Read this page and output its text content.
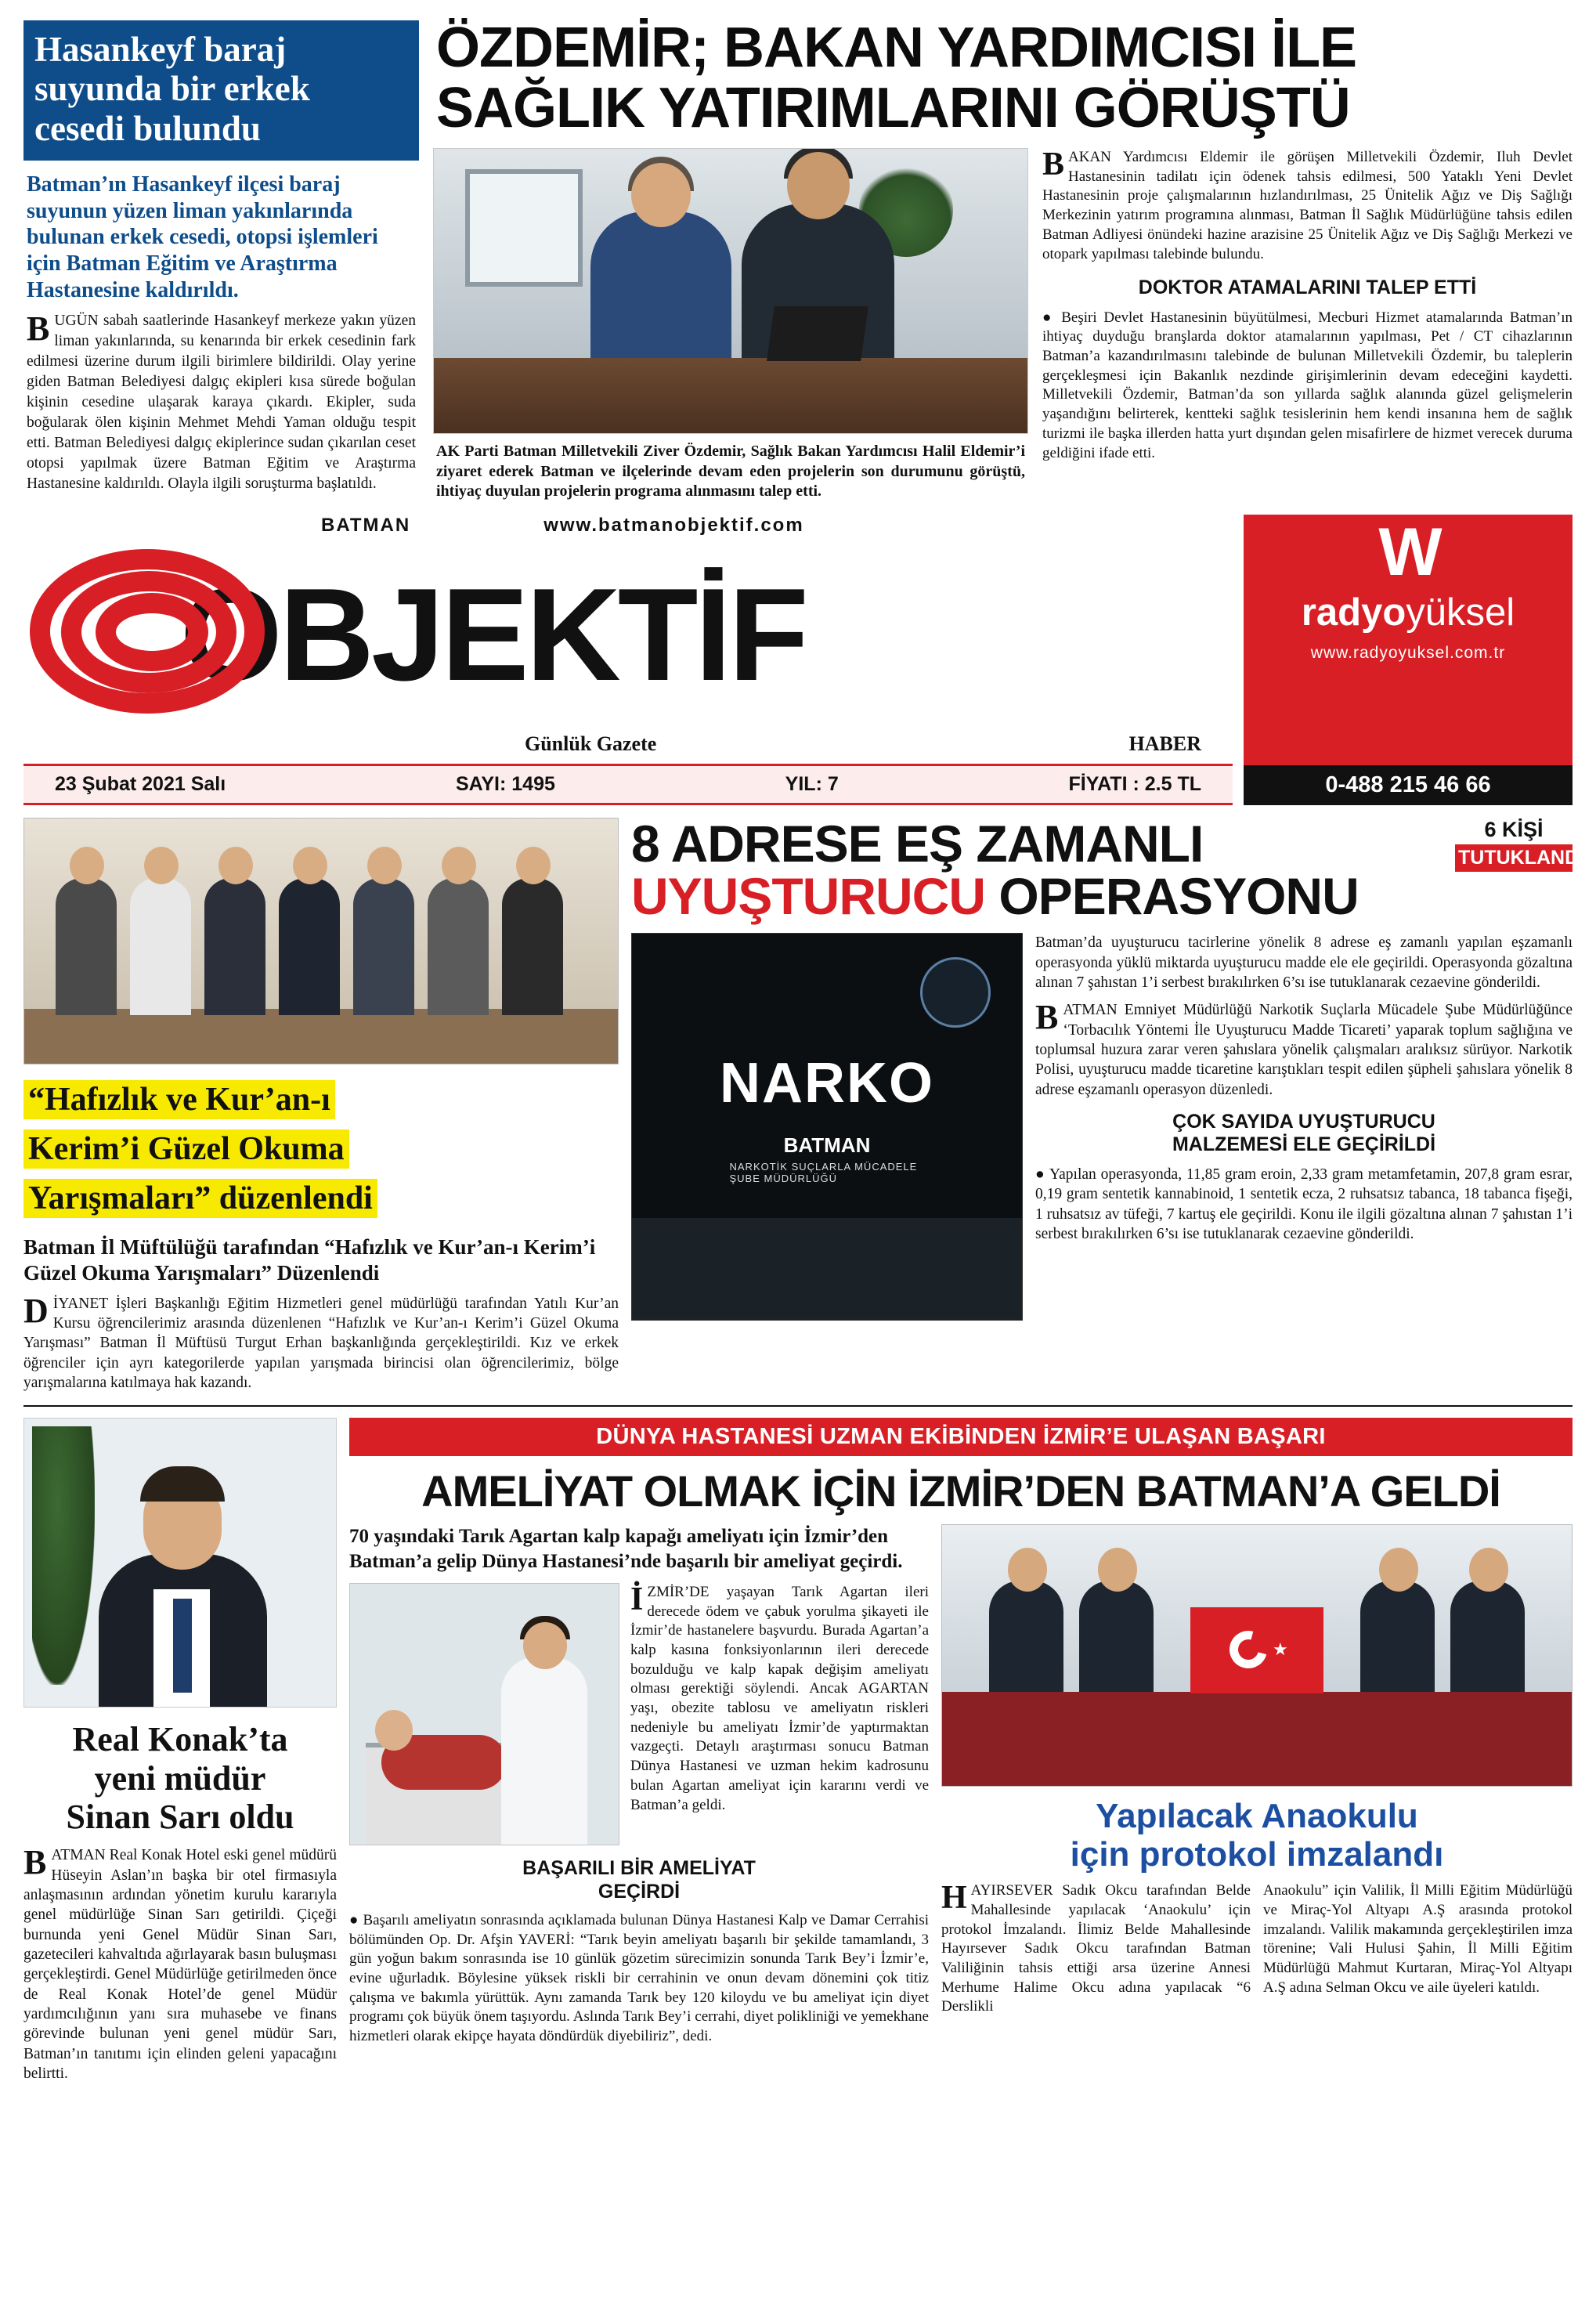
Hasankeyf baraj suyunda bir erkek cesedi bulundu
Batman’ın Hasankeyf ilçesi baraj suyunun yüzen liman yakınlarında bulunan erkek cesedi, otopsi işlemleri için Batman Eğitim ve Araştırma Hastanesine kaldırıldı.
BUGÜN sabah saatlerinde Hasankeyf merkeze yakın yüzen liman yakınlarında, su kenarında bir erkek cesedinin fark edilmesi üzerine durum ilgili birimlere bildirildi. Olay yerine giden Batman Belediyesi dalgıç ekipleri kısa sürede boğulan kişinin cesedine ulaşarak karaya çıkardı. Ekipler, suda boğularak ölen kişinin Mehmet Mehdi Yaman olduğu tespit etti. Batman Belediyesi dalgıç ekiplerince sudan çıkarılan ceset otopsi yapılmak üzere Batman Eğitim ve Araştırma Hastanesine kaldırıldı. Olayla ilgili soruşturma başlatıldı.
ÖZDEMİR; BAKAN YARDIMCISI İLE
SAĞLIK YATIRIMLARINI GÖRÜŞTÜ
AK Parti Batman Milletvekili Ziver Özdemir, Sağlık Bakan Yardımcısı Halil Eldemir’i ziyaret ederek Batman ve ilçelerinde devam eden projelerin son durumunu görüştü, ihtiyaç duyulan projelerin programa alınmasını talep etti.
BAKAN Yardımcısı Eldemir ile görüşen Milletvekili Özdemir, Iluh Devlet Hastanesinin tadilatı için ödenek tahsis edilmesi, 500 Yataklı Yeni Devlet Hastanesinin proje çalışmalarının hızlandırılması, 25 Ünitelik Ağız ve Diş Sağlığı Merkezinin yatırım programına alınması, Batman İl Sağlık Müdürlüğüne tahsis edilen Batman Adliyesi önündeki hazine arazisine 25 Ünitelik Ağız ve Diş Sağlığı Merkezi ve otopark yapılması talebinde bulundu.
DOKTOR ATAMALARINI TALEP ETTİ
● Beşiri Devlet Hastanesinin büyütülmesi, Mecburi Hizmet atamalarında Batman’ın ihtiyaç duyduğu branşlarda doktor atamalarının yapılması, Pet / CT cihazlarının Batman’a kazandırılmasını talebinde de bulunan Milletvekili Özdemir, bu taleplerin gerçekleşmesi için Bakanlık nezdinde girişimlerinin devam edeceğini kaydetti. Milletvekili Özdemir, Batman’da son yıllarda sağlık alanında güzel gelişmelerin yaşandığını belirterek, kentteki sağlık tesislerinin hem kendi insanına hem de sağlık turizmi ile başka illerden hatta yurt dışından gelen misafirlere de hizmet verecek duruma geldiğini ifade etti.
BATMAN	www.batmanobjektif.com
OBJEKTİF
Günlük Gazete	HABER
23 Şubat 2021 Salı	SAYI: 1495	YIL: 7	FİYATI : 2.5 TL
W
radyoyüksel
www.radyoyuksel.com.tr
0-488 215 46 66
“Hafızlık ve Kur’an-ı
Kerim’i Güzel Okuma
Yarışmaları” düzenlendi
Batman İl Müftülüğü tarafından “Hafızlık ve Kur’an-ı Kerim’i Güzel Okuma Yarışmaları” Düzenlendi
DİYANET İşleri Başkanlığı Eğitim Hizmetleri genel müdürlüğü tarafından Yatılı Kur’an Kursu öğrencilerimiz arasında düzenlenen “Hafızlık ve Kur’an-ı Kerim’i Güzel Okuma Yarışması” Batman İl Müftüsü Turgut Erhan başkanlığında gerçekleştirildi. Kız ve erkek öğrenciler için ayrı kategorilerde yapılan yarışmada birincisi olan öğrencilerimiz, bölge yarışmalarına katılmaya hak kazandı.
6 KİŞİ
TUTUKLANDI
8 ADRESE EŞ ZAMANLI
UYUŞTURUCU OPERASYONU
NARKO
BATMAN
NARKOTİK SUÇLARLA MÜCADELE ŞUBE MÜDÜRLÜĞÜ

Batman’da uyuşturucu tacirlerine yönelik 8 adrese eş zamanlı yapılan eşzamanlı operasyonda yüklü miktarda uyuşturucu madde ele ele geçirildi. Operasyonda gözaltına alınan 7 şahıstan 1’i serbest bırakılırken 6’sı ise tutuklanarak cezaevine gönderildi.

BATMAN Emniyet Müdürlüğü Narkotik Suçlarla Mücadele Şube Müdürlüğünce ‘Torbacılık Yöntemi İle Uyuşturucu Madde Ticareti’ yaparak toplum sağlığına ve toplumsal huzura zarar veren şahıslara yönelik çalışmaları aralıksız sürüyor. Narkotik Polisi, uyuşturucu madde ticaretine karıştıkları tespit edilen şüpheli şahıslara yönelik 8 adrese eşzamanlı operasyon düzenledi.

ÇOK SAYIDA UYUŞTURUCU
MALZEMESİ ELE GEÇİRİLDİ

● Yapılan operasyonda, 11,85 gram eroin, 2,33 gram metamfetamin, 207,8 gram esrar, 0,19 gram sentetik kannabinoid, 1 sentetik ecza, 2 ruhsatsız tabanca, 18 tabanca fişeği, 1 ruhsatsız av tüfeği, 7 kartuş ele geçirildi. Konu ile ilgili gözaltına alınan 7 şahıstan 1’i serbest bırakılırken 6’sı ise tutuklanarak cezaevine gönderildi.

Real Konak’ta
yeni müdür
Sinan Sarı oldu
BATMAN Real Konak Hotel eski genel müdürü Hüseyin Aslan’ın başka bir otel firmasıyla anlaşmasının ardından yönetim kurulu kararıyla genel müdürlüğe Sinan Sarı getirildi. Çiçeği burnunda yeni Genel Müdür Sinan Sarı, gazetecileri kahvaltıda ağırlayarak basın buluşması gerçekleştirdi. Genel Müdürlüğe getirilmeden önce de Real Konak Hotel’de genel Müdür yardımcılığının yanı sıra muhasebe ve finans görevinde bulunan yeni genel müdür Sarı, Batman’ın tanıtımı için elinden geleni yapacağını belirtti.
DÜNYA HASTANESİ UZMAN EKİBİNDEN İZMİR’E ULAŞAN BAŞARI
AMELİYAT OLMAK İÇİN İZMİR’DEN BATMAN’A GELDİ
70 yaşındaki Tarık Agartan kalp kapağı ameliyatı için İzmir’den Batman’a gelip Dünya Hastanesi’nde başarılı bir ameliyat geçirdi.
İZMİR’DE yaşayan Tarık Agartan ileri derecede ödem ve çabuk yorulma şikayeti ile İzmir’de hastanelere başvurdu. Burada Agartan’a kalp kasına fonksiyonlarının ileri derecede bozulduğu ve kalp kapak değişim ameliyatı olması gerektiği söylendi. Ancak AGARTAN yaşı, obezite tablosu ve ameliyatın riskleri nedeniyle bu ameliyatı İzmir’de yaptırmaktan vazgeçti. Detaylı araştırması sonucu Batman Dünya Hastanesi ve uzman hekim kadrosunu bulan Agartan ameliyat için kararını verdi ve Batman’a geldi.
BAŞARILI BİR AMELİYAT
GEÇİRDİ
● Başarılı ameliyatın sonrasında açıklamada bulunan Dünya Hastanesi Kalp ve Damar Cerrahisi bölümünden Op. Dr. Afşin YAVERİ: “Tarık beyin ameliyatı başarılı bir şekilde tamamlandı, 3 gün yoğun bakım sonrasında ise 10 günlük gözetim sürecimizin sonunda Tarık Bey’i İzmir’e, evine uğurladık. Böylesine yüksek riskli bir cerrahinin ve onun devam dönemini çok titiz çalışma ve bakımla yürüttük. Aynı zamanda Tarık bey 120 kiloydu ve bu ameliyat için diyet programı çok büyük önem taşıyordu. Aslında Tarık Bey’i cerrahi, diyet polikliniği ve yemekhane hizmetleri olarak ekipçe hayata döndürdük diyebiliriz”, dedi.
★
Yapılacak Anaokulu
için protokol imzalandı
HAYIRSEVER Sadık Okcu tarafından Belde Mahallesinde yapılacak ‘Anaokulu’ için protokol İmzalandı. İlimiz Belde Mahallesinde Hayırsever Sadık Okcu tarafından Batman Valiliğinin tahsis ettiği arsa üzerine Annesi Merhume Halime Okcu adına yapılacak “6 Derslikli
Anaokulu” için Valilik, İl Milli Eğitim Müdürlüğü ve Miraç-Yol Altyapı A.Ş arasında protokol imzalandı. Valilik makamında gerçekleştirilen imza törenine; Vali Hulusi Şahin, İl Milli Eğitim Müdürlüğü Mahmut Kurtaran, Miraç-Yol Altyapı A.Ş adına Selman Okcu ve aile üyeleri katıldı.
